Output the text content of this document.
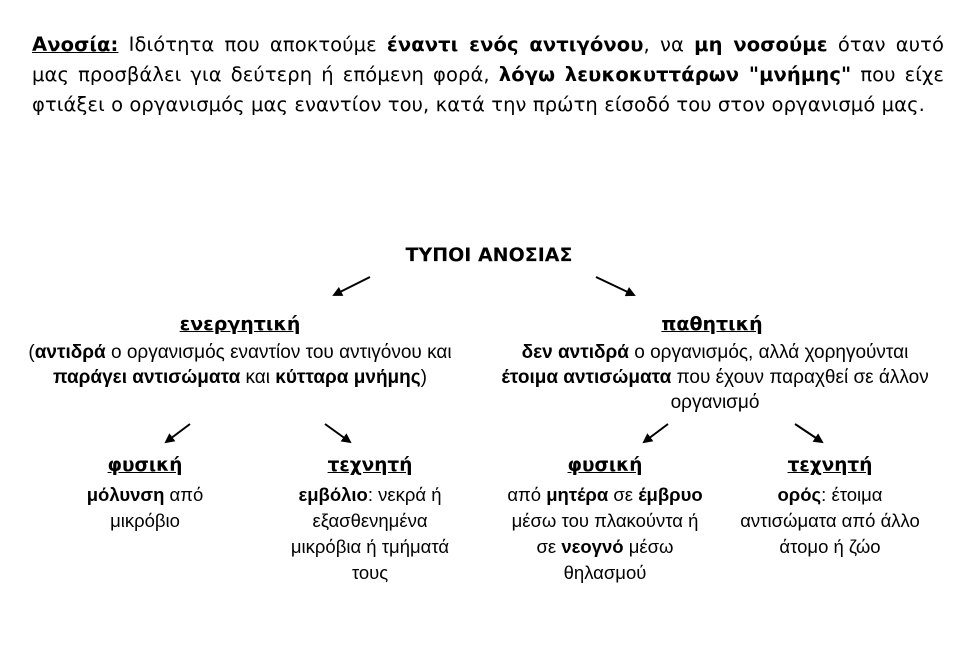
Ανοσία: Ιδιότητα που αποκτούμε έναντι ενός αντιγόνου, να μη νοσούμε όταν αυτό μας προσβάλει για δεύτερη ή επόμενη φορά, λόγω λευκοκυττάρων "μνήμης" που είχε φτιάξει ο οργανισμός μας εναντίον του, κατά την πρώτη είσοδό του στον οργανισμό μας.
ΤΥΠΟΙ ΑΝΟΣΙΑΣ
ενεργητική
(αντιδρά ο οργανισμός εναντίον του αντιγόνου και παράγει αντισώματα και κύτταρα μνήμης)
παθητική
δεν αντιδρά ο οργανισμός, αλλά χορηγούνται έτοιμα αντισώματα που έχουν παραχθεί σε άλλον οργανισμό
φυσική
μόλυνση από μικρόβιο
τεχνητή
εμβόλιο: νεκρά ή εξασθενημένα μικρόβια ή τμήματά τους
φυσική
από μητέρα σε έμβρυο μέσω του πλακούντα ή σε νεογνό μέσω θηλασμού
τεχνητή
ορός: έτοιμα αντισώματα από άλλο άτομο ή ζώο
